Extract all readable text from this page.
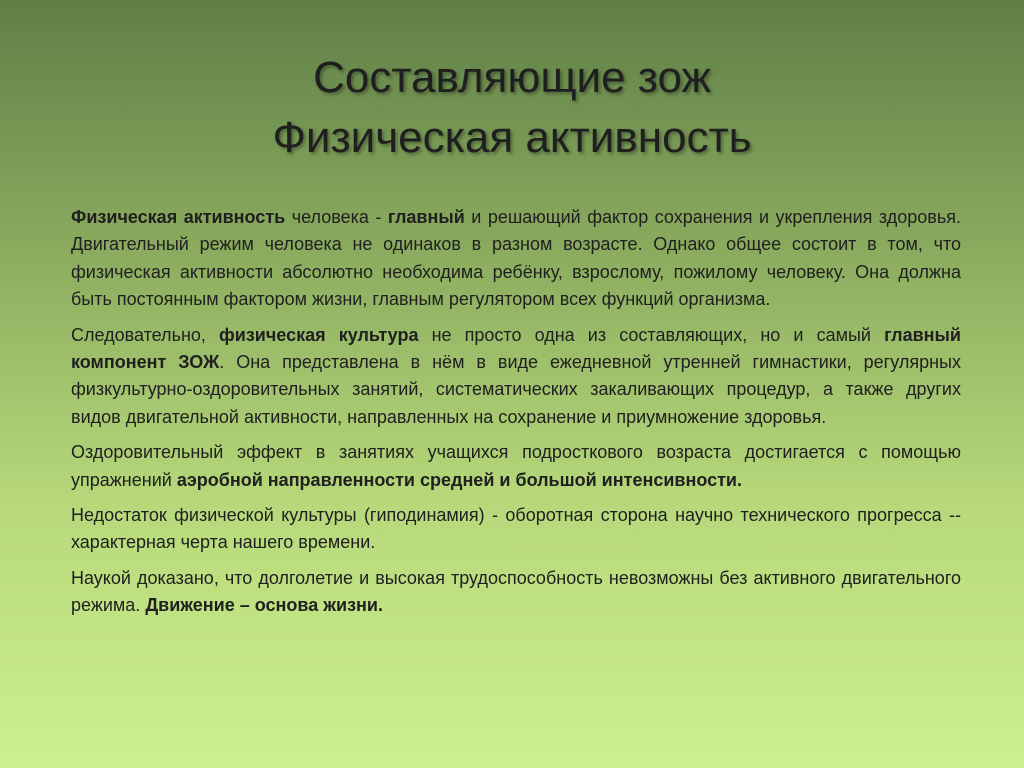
Составляющие зож
Физическая активность

Физическая активность человека - главный и решающий фактор сохранения и укрепления здоровья. Двигательный режим человека не одинаков в разном возрасте. Однако общее состоит в том, что физическая активности абсолютно необходима ребёнку, взрослому, пожилому человеку. Она должна быть постоянным фактором жизни, главным регулятором всех функций организма.

Следовательно, физическая культура не просто одна из составляющих, но и самый главный компонент ЗОЖ. Она представлена в нём в виде ежедневной утренней гимнастики, регулярных физкультурно-оздоровительных занятий, систематических закаливающих процедур, а также других видов двигательной активности, направленных на сохранение и приумножение здоровья.

Оздоровительный эффект в занятиях учащихся подросткового возраста достигается с помощью упражнений аэробной направленности средней и большой интенсивности.

Недостаток физической культуры (гиподинамия) - оборотная сторона научно технического прогресса --характерная черта нашего времени.

Наукой доказано, что долголетие и высокая трудоспособность невозможны без активного двигательного режима. Движение – основа жизни.
